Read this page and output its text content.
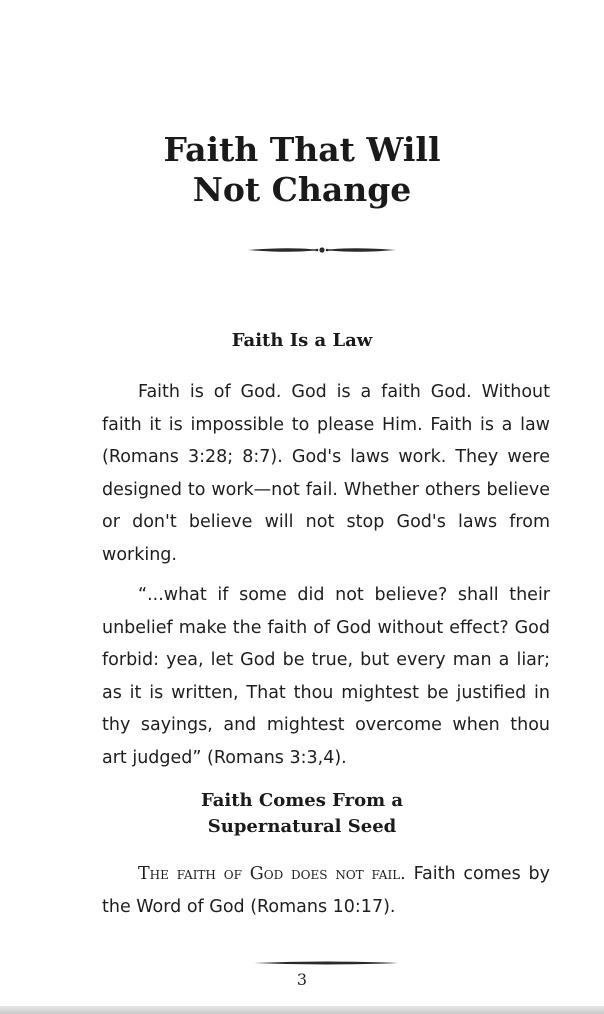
Faith That Will
Not Change
Faith Is a Law

Faith is of God. God is a faith God. Without faith it is impossible to please Him. Faith is a law (Romans 3:28; 8:7). God's laws work. They were designed to work—not fail. Whether others believe or don't believe will not stop God's laws from working.

“...what if some did not believe? shall their unbelief make the faith of God without effect? God forbid: yea, let God be true, but every man a liar; as it is written, That thou mightest be justified in thy sayings, and mightest overcome when thou art judged” (Romans 3:3,4).

Faith Comes From a
Supernatural Seed

The faith of God does not fail. Faith comes by the Word of God (Romans 10:17).

3
